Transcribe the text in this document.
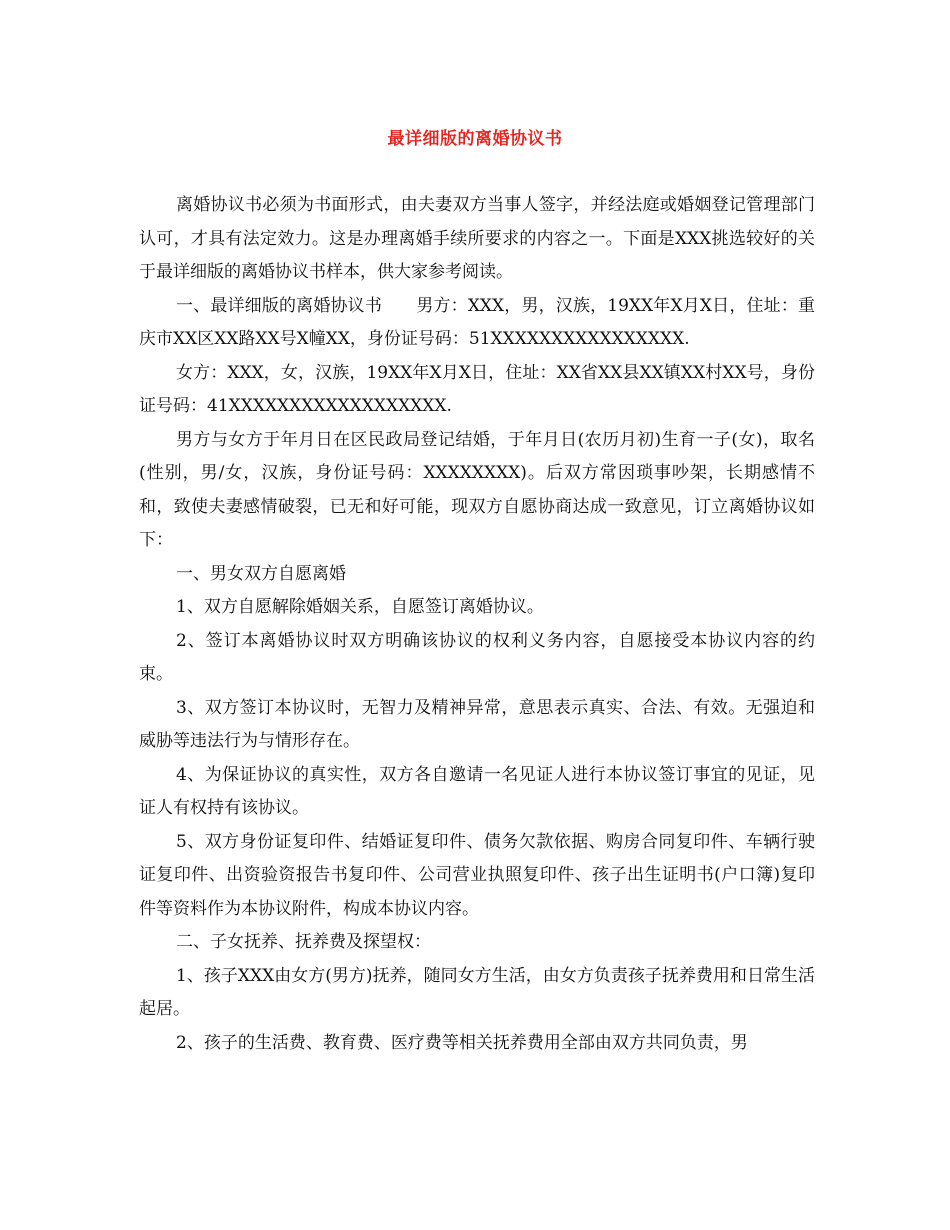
最详细版的离婚协议书

离婚协议书必须为书面形式，由夫妻双方当事人签字，并经法庭或婚姻登记管理部门认可，才具有法定效力。这是办理离婚手续所要求的内容之一。下面是XXX挑选较好的关于最详细版的离婚协议书样本，供大家参考阅读。

一、最详细版的离婚协议书　　男方：XXX，男，汉族，19XX年X月X日，住址：重庆市XX区XX路XX号X幢XX，身份证号码：51XXXXXXXXXXXXXXXX.

女方：XXX，女，汉族，19XX年X月X日，住址：XX省XX县XX镇XX村XX号，身份证号码：41XXXXXXXXXXXXXXXXXX.

男方与女方于年月日在区民政局登记结婚，于年月日(农历月初)生育一子(女)，取名(性别，男/女，汉族，身份证号码：XXXXXXXX)。后双方常因琐事吵架，长期感情不和，致使夫妻感情破裂，已无和好可能，现双方自愿协商达成一致意见，订立离婚协议如下：

一、男女双方自愿离婚

1、双方自愿解除婚姻关系，自愿签订离婚协议。

2、签订本离婚协议时双方明确该协议的权利义务内容，自愿接受本协议内容的约束。

3、双方签订本协议时，无智力及精神异常，意思表示真实、合法、有效。无强迫和威胁等违法行为与情形存在。

4、为保证协议的真实性，双方各自邀请一名见证人进行本协议签订事宜的见证，见证人有权持有该协议。

5、双方身份证复印件、结婚证复印件、债务欠款依据、购房合同复印件、车辆行驶证复印件、出资验资报告书复印件、公司营业执照复印件、孩子出生证明书(户口簿)复印件等资料作为本协议附件，构成本协议内容。

二、子女抚养、抚养费及探望权：

1、孩子XXX由女方(男方)抚养，随同女方生活，由女方负责孩子抚养费用和日常生活起居。

2、孩子的生活费、教育费、医疗费等相关抚养费用全部由双方共同负责，男
